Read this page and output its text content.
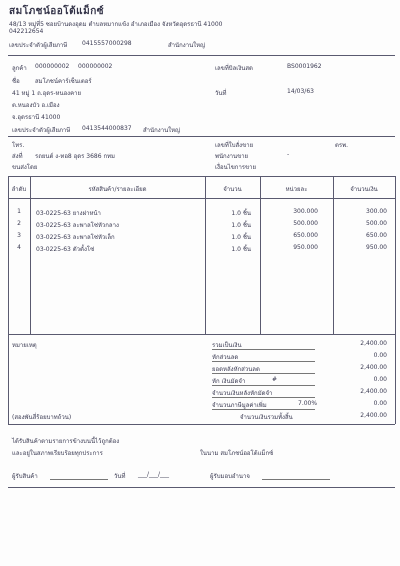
สมโภชน์ออโต้แม็กซ์
48/13 หมู่ที่5 ซอยบ้านดงอุดม ตำบลหมากแข้ง อำเภอเมือง จังหวัดอุดรธานี 41000
042212654
เลขประจำตัวผู้เสียภาษี 0415557000298	สำนักงานใหญ่
ลูกค้า 000000002 000000002	เลขที่บิลเงินสด	BS0001962
ชื่อ	สมโภชน์คาร์เซ็นเตอร์
41 หมู่ 1 ถ.อุดร-หนองคาย	วันที่	14/03/63
ต.หนองบัว อ.เมือง
จ.อุดรธานี 41000
เลขประจำตัวผู้เสียภาษี 0413544000837 สำนักงานใหญ่
โทร.	เลขที่ใบสั่งขาย	ตรพ.
ส่งที่ รถยนต์ ง-ทอ8 อุดร 3686 กทม	พนักงานขาย	-
ขนส่งโดย	เงื่อนไขการขาย
ลำดับ	รหัสสินค้า/รายละเอียด	จำนวน	หน่วยละ	จำนวนเงิน
1	03-0225-63 ยางฝาหน้า	1.0 ชิ้น	300.000	300.00
2	03-0225-63 ละพาลโซ่หัวกลาง	1.0 ชิ้น	500.000	500.00
3	03-0225-63 ละพาลโซ่หัวเล็ก	1.0 ชิ้น	650.000	650.00
4	03-0225-63 ตัวตั้งโซ่	1.0 ชิ้น	950.000	950.00
หมายเหตุ	รวมเป็นเงิน	2,400.00
หักส่วนลด	0.00
ยอดหลังหักส่วนลด	2,400.00
หัก เงินมัดจำ	#	0.00
จำนวนเงินหลังหักมัดจำ	2,400.00
จำนวนภาษีมูลค่าเพิ่ม	7.00%	0.00
(สองพันสี่ร้อยบาทถ้วน)	จำนวนเงินรวมทั้งสิ้น	2,400.00
ได้รับสินค้าตามรายการข้างบนนี้ไว้ถูกต้อง
และอยู่ในสภาพเรียบร้อยทุกประการ	ในนาม สมโภชน์ออโต้แม็กซ์
ผู้รับสินค้า	วันที่ ___/___/___	ผู้รับมอบอำนาจ
